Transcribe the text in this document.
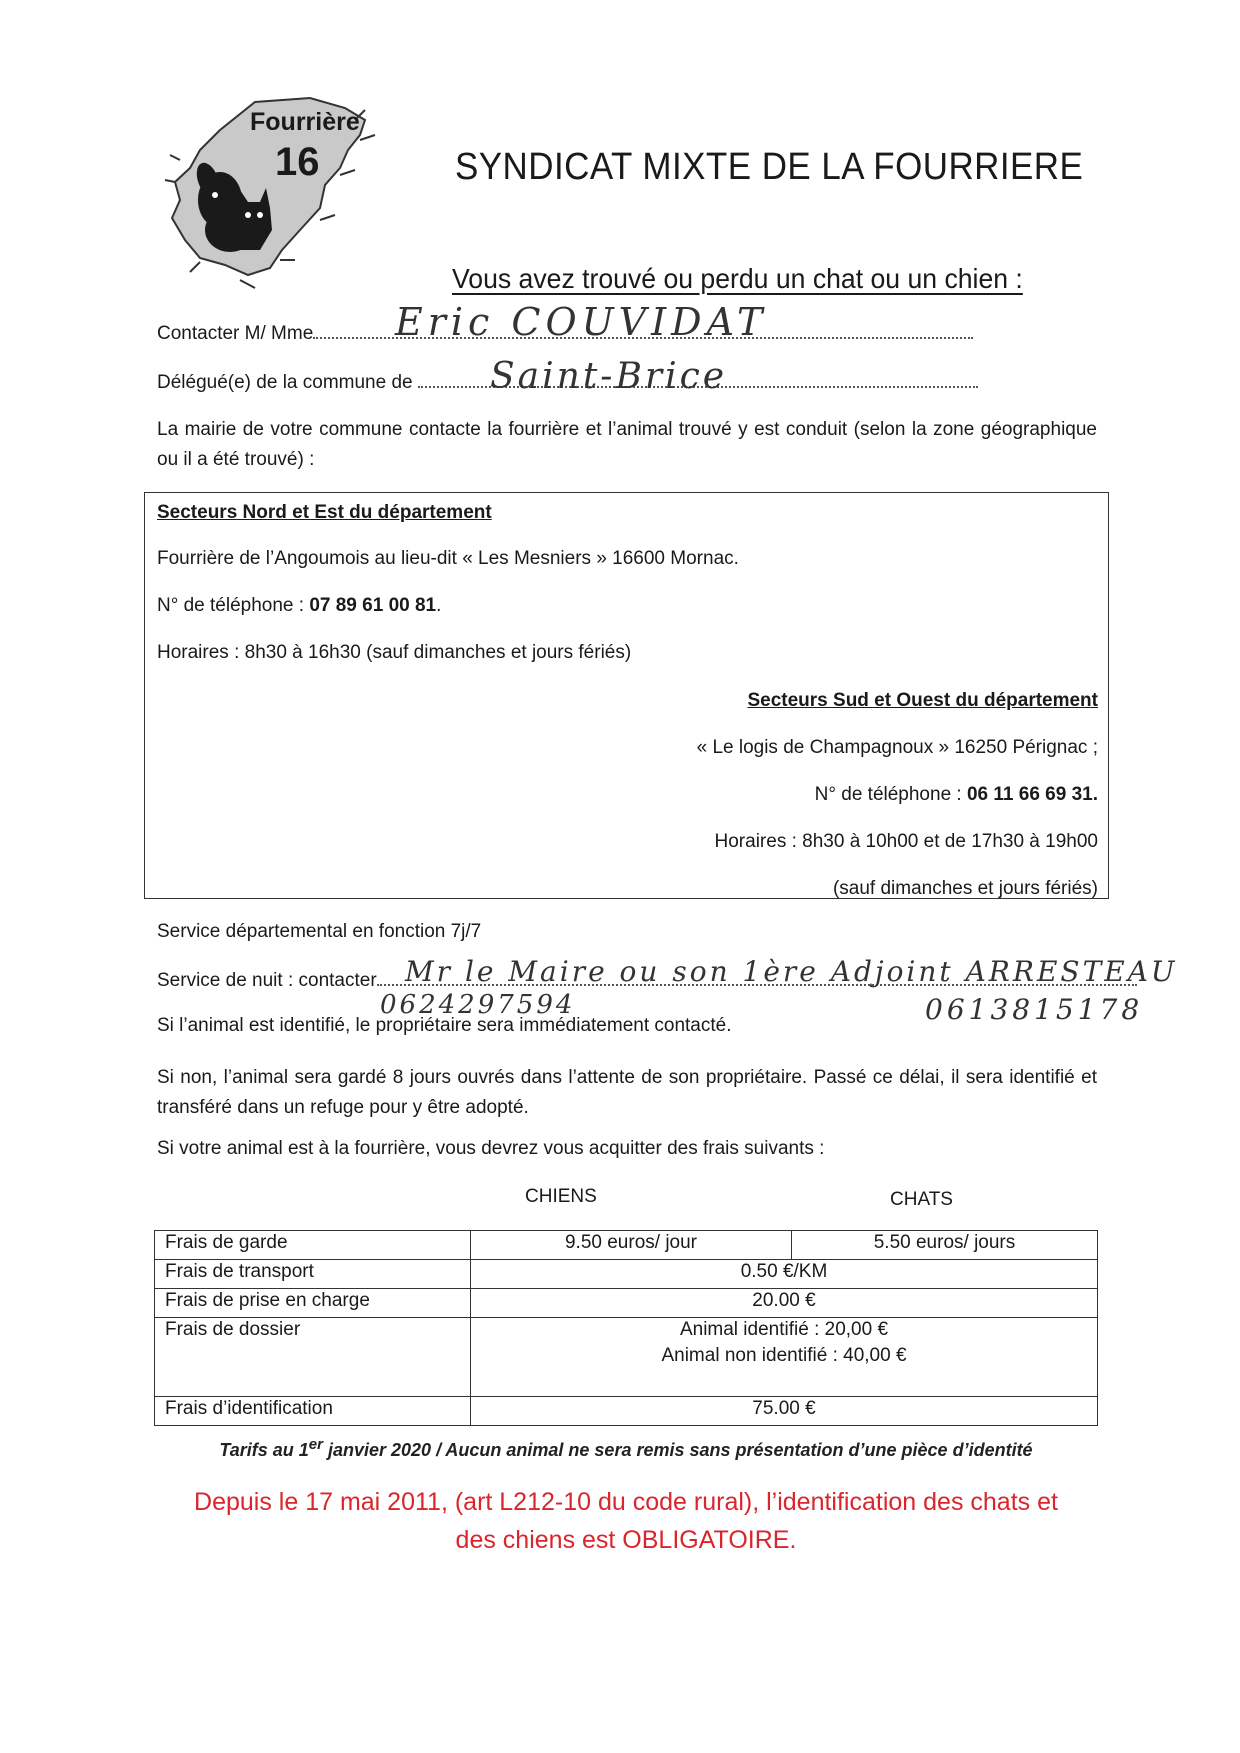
Fourrière
16	SYNDICAT MIXTE DE LA FOURRIERE
Vous avez trouvé ou perdu un chat ou un chien :
Contacter M/ Mme	Eric COUVIDAT
Délégué(e) de la commune de	Saint-Brice
La mairie de votre commune contacte la fourrière et l’animal trouvé y est conduit (selon la zone géographique ou il a été trouvé) :
Secteurs Nord et Est du département
Fourrière de l’Angoumois au lieu-dit « Les Mesniers » 16600 Mornac.
N° de téléphone : 07 89 61 00 81.
Horaires : 8h30 à 16h30 (sauf dimanches et jours fériés)
Secteurs Sud et Ouest du département
« Le logis de Champagnoux » 16250 Pérignac ;
N° de téléphone : 06 11 66 69 31.
Horaires : 8h30 à 10h00 et de 17h30 à 19h00
(sauf dimanches et jours fériés)
Service départemental en fonction 7j/7
Service de nuit : contacter	Mr le Maire ou son 1ère Adjoint ARRESTEAU
0624297594	0613815178
Si l’animal est identifié, le propriétaire sera immédiatement contacté.
Si non, l’animal sera gardé 8 jours ouvrés dans l’attente de son propriétaire. Passé ce délai, il sera identifié et transféré dans un refuge pour y être adopté.
Si votre animal est à la fourrière, vous devrez vous acquitter des frais suivants :
CHIENS	CHATS
Frais de garde	9.50 euros/ jour	5.50 euros/ jours
Frais de transport	0.50 €/KM	
Frais de prise en charge	20.00 €	
Frais de dossier	Animal identifié : 20,00 €
Animal non identifié : 40,00 €	

Frais d’identification	75.00 €	
Tarifs au 1er janvier 2020 / Aucun animal ne sera remis sans présentation d’une pièce d’identité
Depuis le 17 mai 2011, (art L212-10 du code rural), l’identification des chats et
des chiens est OBLIGATOIRE.
